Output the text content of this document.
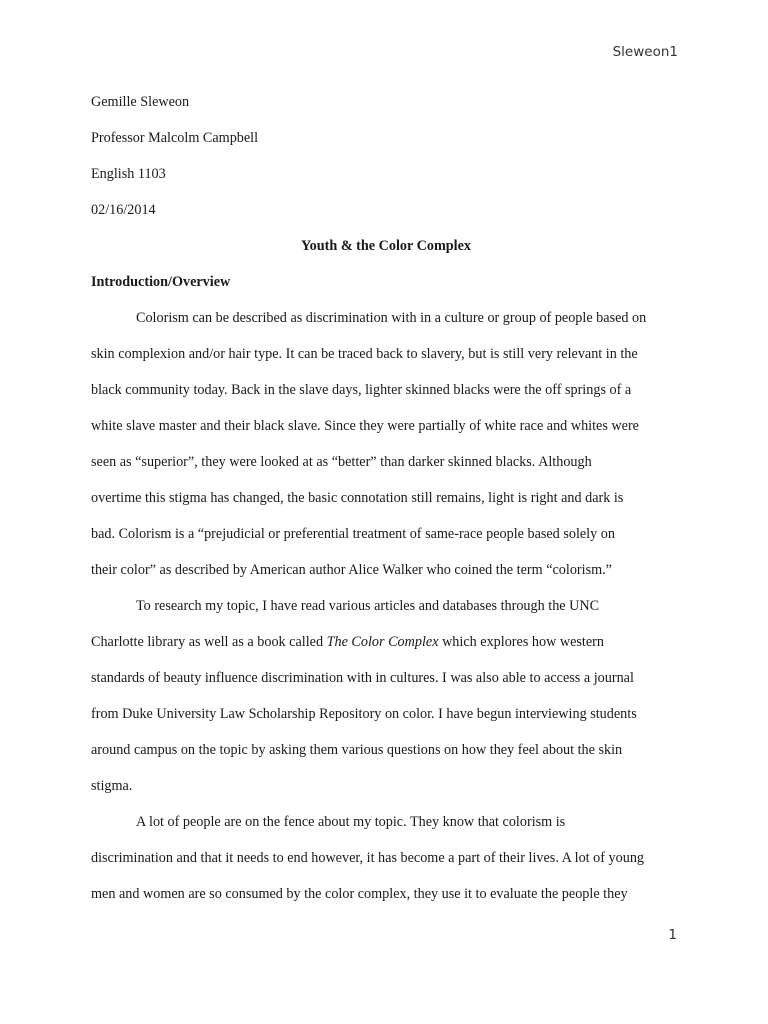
Sleweon1
Gemille Sleweon
Professor Malcolm Campbell
English 1103
02/16/2014
Youth & the Color Complex
Introduction/Overview
Colorism can be described as discrimination with in a culture or group of people based on
skin complexion and/or hair type. It can be traced back to slavery, but is still very relevant in the
black community today. Back in the slave days, lighter skinned blacks were the off springs of a
white slave master and their black slave. Since they were partially of white race and whites were
seen as “superior”, they were looked at as “better” than darker skinned blacks. Although
overtime this stigma has changed, the basic connotation still remains, light is right and dark is
bad. Colorism is a “prejudicial or preferential treatment of same-race people based solely on
their color” as described by American author Alice Walker who coined the term “colorism.”
To research my topic, I have read various articles and databases through the UNC
Charlotte library as well as a book called The Color Complex which explores how western
standards of beauty influence discrimination with in cultures. I was also able to access a journal
from Duke University Law Scholarship Repository on color. I have begun interviewing students
around campus on the topic by asking them various questions on how they feel about the skin
stigma.
A lot of people are on the fence about my topic. They know that colorism is
discrimination and that it needs to end however, it has become a part of their lives. A lot of young
men and women are so consumed by the color complex, they use it to evaluate the people they
1
